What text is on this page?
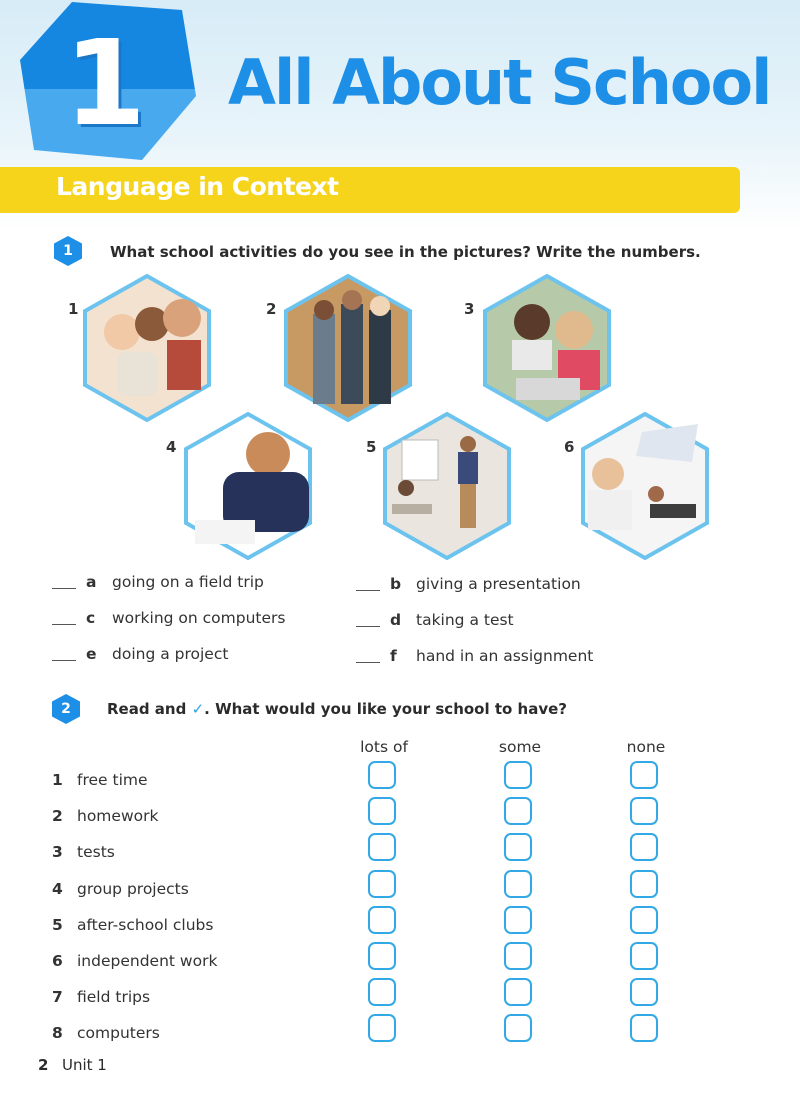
1	All About School
Language in Context
1	What school activities do you see in the pictures? Write the numbers.
1	2	3
4	5	6
a going on a field trip	b giving a presentation
c working on computers	d taking a test
e doing a project	f hand in an assignment
2	Read and ✓. What would you like your school to have?
lots of	some	none
1 free time
2 homework
3 tests
4 group projects
5 after-school clubs
6 independent work
7 field trips
8 computers
2 Unit 1
